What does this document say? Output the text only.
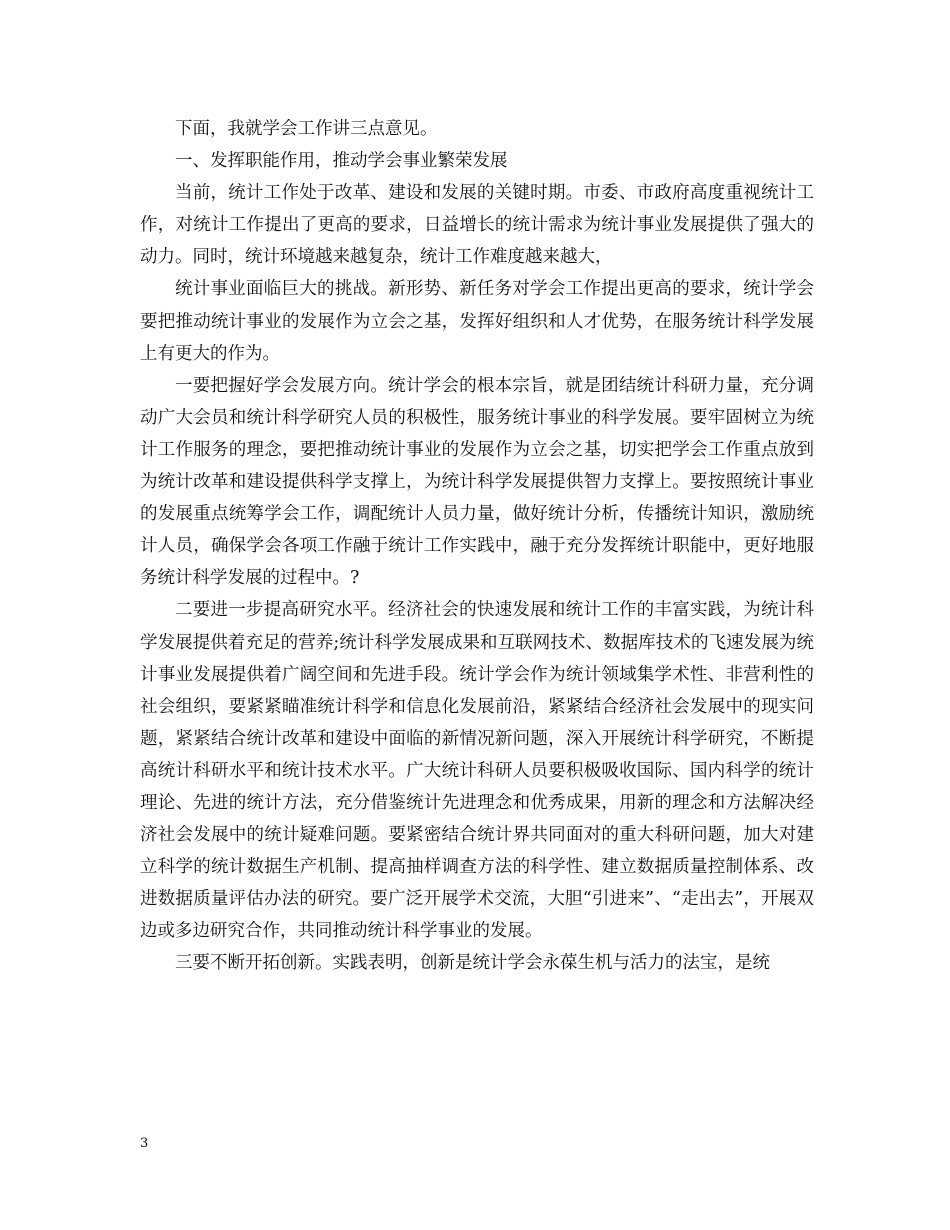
下面，我就学会工作讲三点意见。

一、发挥职能作用，推动学会事业繁荣发展

当前，统计工作处于改革、建设和发展的关键时期。市委、市政府高度重视统计工作，对统计工作提出了更高的要求，日益增长的统计需求为统计事业发展提供了强大的动力。同时，统计环境越来越复杂，统计工作难度越来越大，

统计事业面临巨大的挑战。新形势、新任务对学会工作提出更高的要求，统计学会要把推动统计事业的发展作为立会之基，发挥好组织和人才优势，在服务统计科学发展上有更大的作为。

一要把握好学会发展方向。统计学会的根本宗旨，就是团结统计科研力量，充分调动广大会员和统计科学研究人员的积极性，服务统计事业的科学发展。要牢固树立为统计工作服务的理念，要把推动统计事业的发展作为立会之基，切实把学会工作重点放到为统计改革和建设提供科学支撑上，为统计科学发展提供智力支撑上。要按照统计事业的发展重点统筹学会工作，调配统计人员力量，做好统计分析，传播统计知识，激励统计人员，确保学会各项工作融于统计工作实践中，融于充分发挥统计职能中，更好地服务统计科学发展的过程中。?

二要进一步提高研究水平。经济社会的快速发展和统计工作的丰富实践，为统计科学发展提供着充足的营养;统计科学发展成果和互联网技术、数据库技术的飞速发展为统计事业发展提供着广阔空间和先进手段。统计学会作为统计领域集学术性、非营利性的社会组织，要紧紧瞄准统计科学和信息化发展前沿，紧紧结合经济社会发展中的现实问题，紧紧结合统计改革和建设中面临的新情况新问题，深入开展统计科学研究，不断提高统计科研水平和统计技术水平。广大统计科研人员要积极吸收国际、国内科学的统计理论、先进的统计方法，充分借鉴统计先进理念和优秀成果，用新的理念和方法解决经济社会发展中的统计疑难问题。要紧密结合统计界共同面对的重大科研问题，加大对建立科学的统计数据生产机制、提高抽样调查方法的科学性、建立数据质量控制体系、改进数据质量评估办法的研究。要广泛开展学术交流，大胆“引进来”、“走出去”，开展双边或多边研究合作，共同推动统计科学事业的发展。

三要不断开拓创新。实践表明，创新是统计学会永葆生机与活力的法宝，是统

3
